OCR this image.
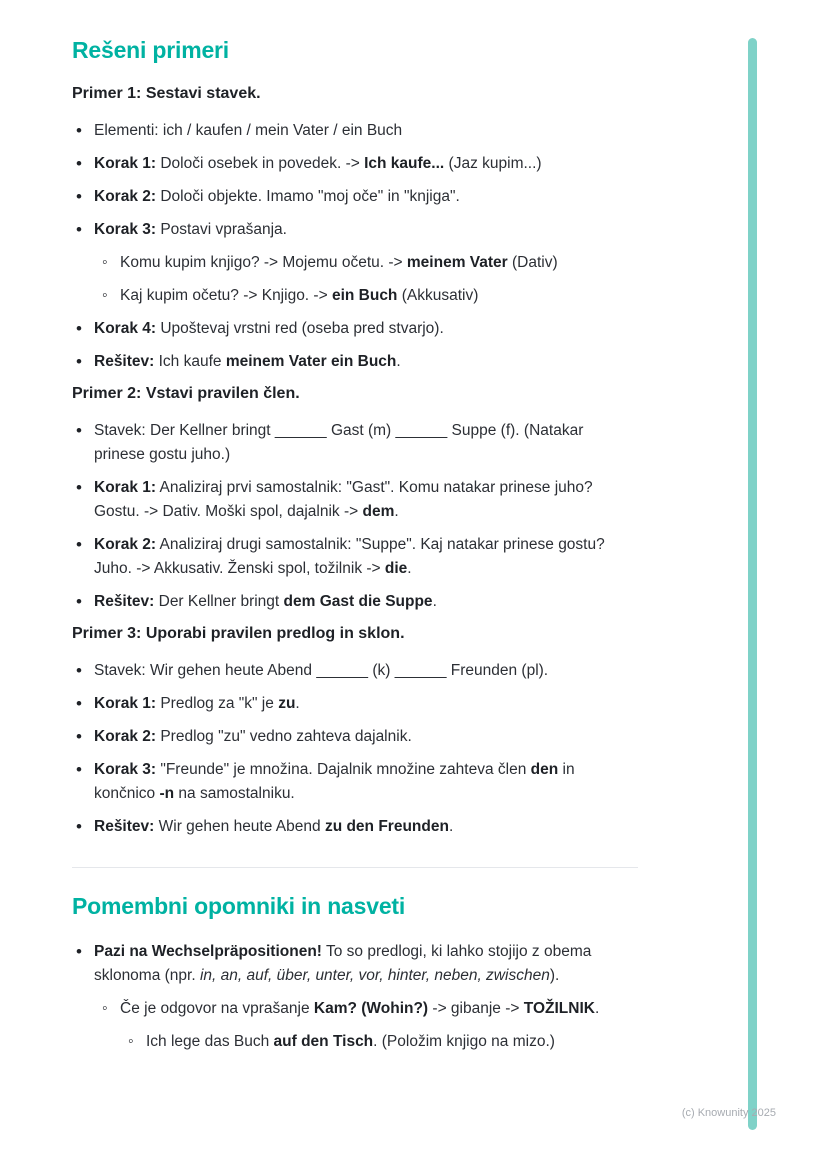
Rešeni primeri
Primer 1: Sestavi stavek.
• Elementi: ich / kaufen / mein Vater / ein Buch
• Korak 1: Določi osebek in povedek. -> Ich kaufe... (Jaz kupim...)
• Korak 2: Določi objekte. Imamo "moj oče" in "knjiga".
• Korak 3: Postavi vprašanja.
◦ Komu kupim knjigo? -> Mojemu očetu. -> meinem Vater (Dativ)
◦ Kaj kupim očetu? -> Knjigo. -> ein Buch (Akkusativ)
• Korak 4: Upoštevaj vrstni red (oseba pred stvarjo).
• Rešitev: Ich kaufe meinem Vater ein Buch.
Primer 2: Vstavi pravilen člen.
• Stavek: Der Kellner bringt ______ Gast (m) ______ Suppe (f). (Natakar prinese gostu juho.)
• Korak 1: Analiziraj prvi samostalnik: "Gast". Komu natakar prinese juho? Gostu. -> Dativ. Moški spol, dajalnik -> dem.
• Korak 2: Analiziraj drugi samostalnik: "Suppe". Kaj natakar prinese gostu? Juho. -> Akkusativ. Ženski spol, tožilnik -> die.
• Rešitev: Der Kellner bringt dem Gast die Suppe.
Primer 3: Uporabi pravilen predlog in sklon.
• Stavek: Wir gehen heute Abend ______ (k) ______ Freunden (pl).
• Korak 1: Predlog za "k" je zu.
• Korak 2: Predlog "zu" vedno zahteva dajalnik.
• Korak 3: "Freunde" je množina. Dajalnik množine zahteva člen den in končnico -n na samostalniku.
• Rešitev: Wir gehen heute Abend zu den Freunden.
Pomembni opomniki in nasveti
• Pazi na Wechselpräpositionen! To so predlogi, ki lahko stojijo z obema sklonoma (npr. in, an, auf, über, unter, vor, hinter, neben, zwischen).
◦ Če je odgovor na vprašanje Kam? (Wohin?) -> gibanje -> TOŽILNIK.
◦ Ich lege das Buch auf den Tisch. (Položim knjigo na mizo.)
(c) Knowunity 2025
